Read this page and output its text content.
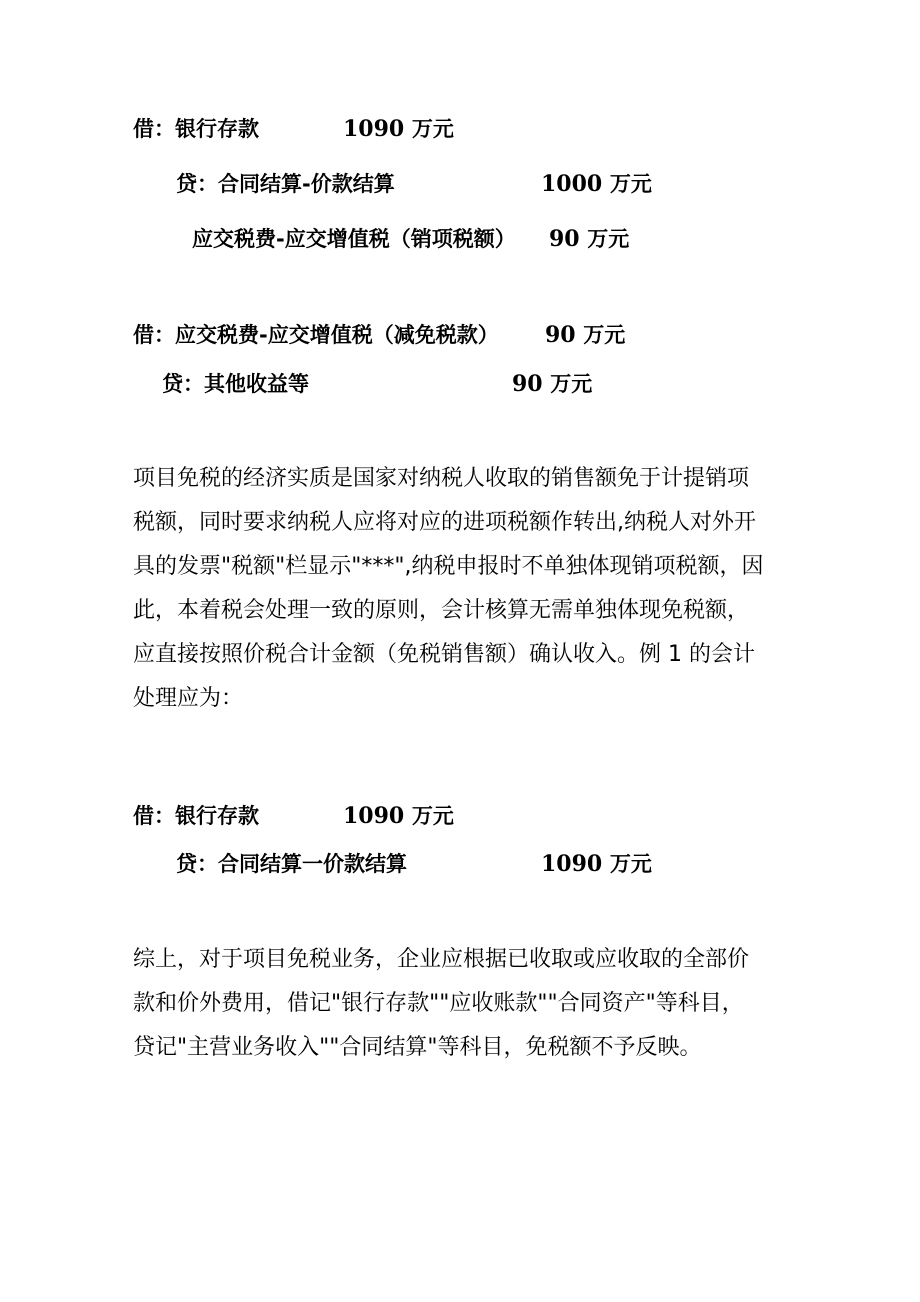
借：银行存款	1090 万元
贷：合同结算-价款结算	1000 万元
应交税费-应交增值税（销项税额） 90 万元
借：应交税费-应交增值税（减免税款） 90 万元
贷：其他收益等	90 万元

项目免税的经济实质是国家对纳税人收取的销售额免于计提销项

税额，同时要求纳税人应将对应的进项税额作转出,纳税人对外开

具的发票"税额"栏显示"***",纳税申报时不单独体现销项税额，因

此，本着税会处理一致的原则，会计核算无需单独体现免税额，

应直接按照价税合计金额（免税销售额）确认收入。例 1 的会计

处理应为：

借：银行存款	1090 万元
贷：合同结算一价款结算	1090 万元

综上，对于项目免税业务，企业应根据已收取或应收取的全部价

款和价外费用，借记"银行存款""应收账款""合同资产"等科目，

贷记"主营业务收入""合同结算"等科目，免税额不予反映。
